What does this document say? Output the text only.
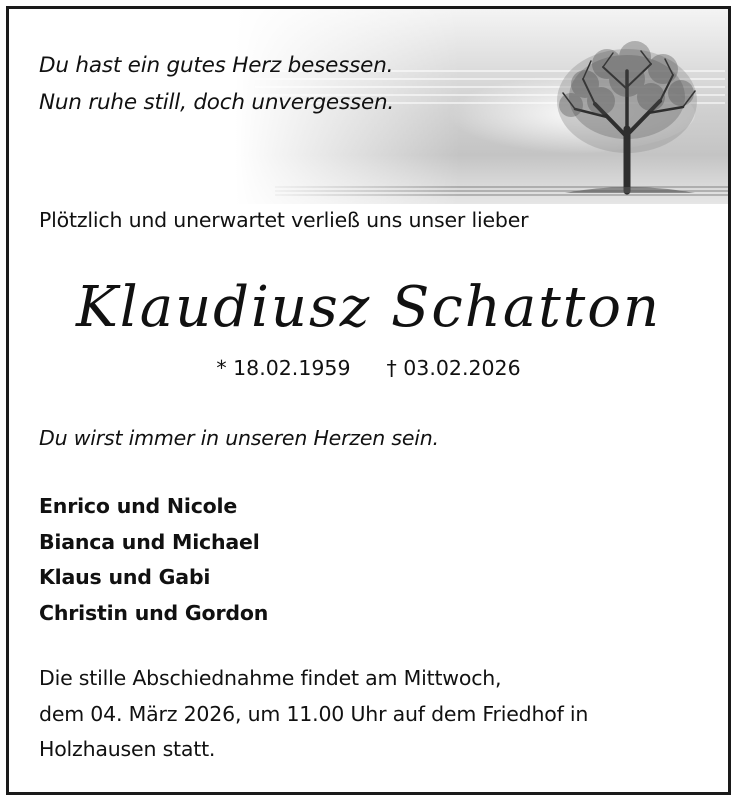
Du hast ein gutes Herz besessen.
Nun ruhe still, doch unvergessen.
Plötzlich und unerwartet verließ uns unser lieber
Klaudiusz Schatton
* 18.02.1959 † 03.02.2026
Du wirst immer in unseren Herzen sein.
Enrico und Nicole
Bianca und Michael
Klaus und Gabi
Christin und Gordon
Die stille Abschiednahme findet am Mittwoch,
dem 04. März 2026, um 11.00 Uhr auf dem Friedhof in
Holzhausen statt.
